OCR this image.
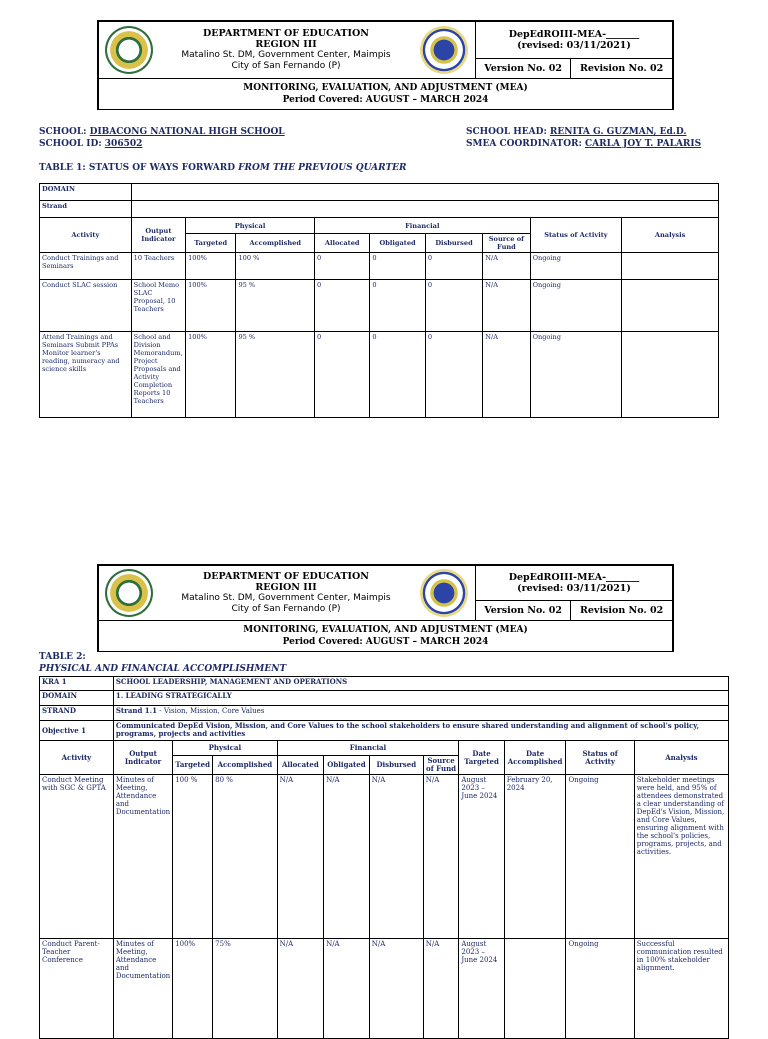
DEPARTMENT OF EDUCATION
REGION III
Matalino St. DM, Government Center, Maimpis
City of San Fernando (P)

DepEdROIII-MEA-_______
(revised: 03/11/2021)

Version No. 02	Revision No. 02

MONITORING, EVALUATION, AND ADJUSTMENT (MEA)
Period Covered: AUGUST – MARCH 2024
SCHOOL: DIBACONG NATIONAL HIGH SCHOOL
SCHOOL ID: 306502
SCHOOL HEAD: RENITA G. GUZMAN, Ed.D.
SMEA COORDINATOR: CARLA JOY T. PALARIS
TABLE 1: STATUS OF WAYS FORWARD FROM THE PREVIOUS QUARTER
DOMAIN									
Strand									
Activity	Output Indicator	Physical		Financial				Status of Activity	Analysis
		Targeted	Accomplished	Allocated	Obligated	Disbursed	Source of Fund		
Conduct Trainings and Seminars	10 Teachers	100%	100 %	0	0	0	N/A	Ongoing	
Conduct SLAC session	School Memo SLAC Proposal, 10 Teachers	100%	95 %	0	0	0	N/A	Ongoing	
Attend Trainings and Seminars Submit PPAs Monitor learner's reading, numeracy and science skills	School and Division Memorandum, Project Proposals and Activity Completion Reports 10 Teachers	100%	95 %	0	0	0	N/A	Ongoing	

DEPARTMENT OF EDUCATION
REGION III
Matalino St. DM, Government Center, Maimpis
City of San Fernando (P)

DepEdROIII-MEA-_______
(revised: 03/11/2021)

Version No. 02	Revision No. 02

MONITORING, EVALUATION, AND ADJUSTMENT (MEA)
Period Covered: AUGUST – MARCH 2024
TABLE 2:
PHYSICAL AND FINANCIAL ACCOMPLISHMENT
KRA 1	SCHOOL LEADERSHIP, MANAGEMENT AND OPERATIONS										
DOMAIN	1. LEADING STRATEGICALLY										
STRAND	Strand 1.1 - Vision, Mission, Core Values										
Objective 1	Communicated DepEd Vision, Mission, and Core Values to the school stakeholders to ensure shared understanding and alignment of school's policy, programs, projects and activities										
Activity	Output Indicator	Physical		Financial				Date Targeted	Date Accomplished	Status of Activity	Analysis
		Targeted	Accomplished	Allocated	Obligated	Disbursed	Source of Fund				
Conduct Meeting with SGC & GPTA	Minutes of Meeting, Attendance and Documentation	100 %	80 %	N/A	N/A	N/A	N/A	August 2023 – June 2024	February 20, 2024	Ongoing	Stakeholder meetings were held, and 95% of attendees demonstrated a clear understanding of DepEd's Vision, Mission, and Core Values, ensuring alignment with the school's policies, programs, projects, and activities.
Conduct Parent-Teacher Conference	Minutes of Meeting, Attendance and Documentation	100%	75%	N/A	N/A	N/A	N/A	August 2023 – June 2024		Ongoing	Successful communication resulted in 100% stakeholder alignment.
